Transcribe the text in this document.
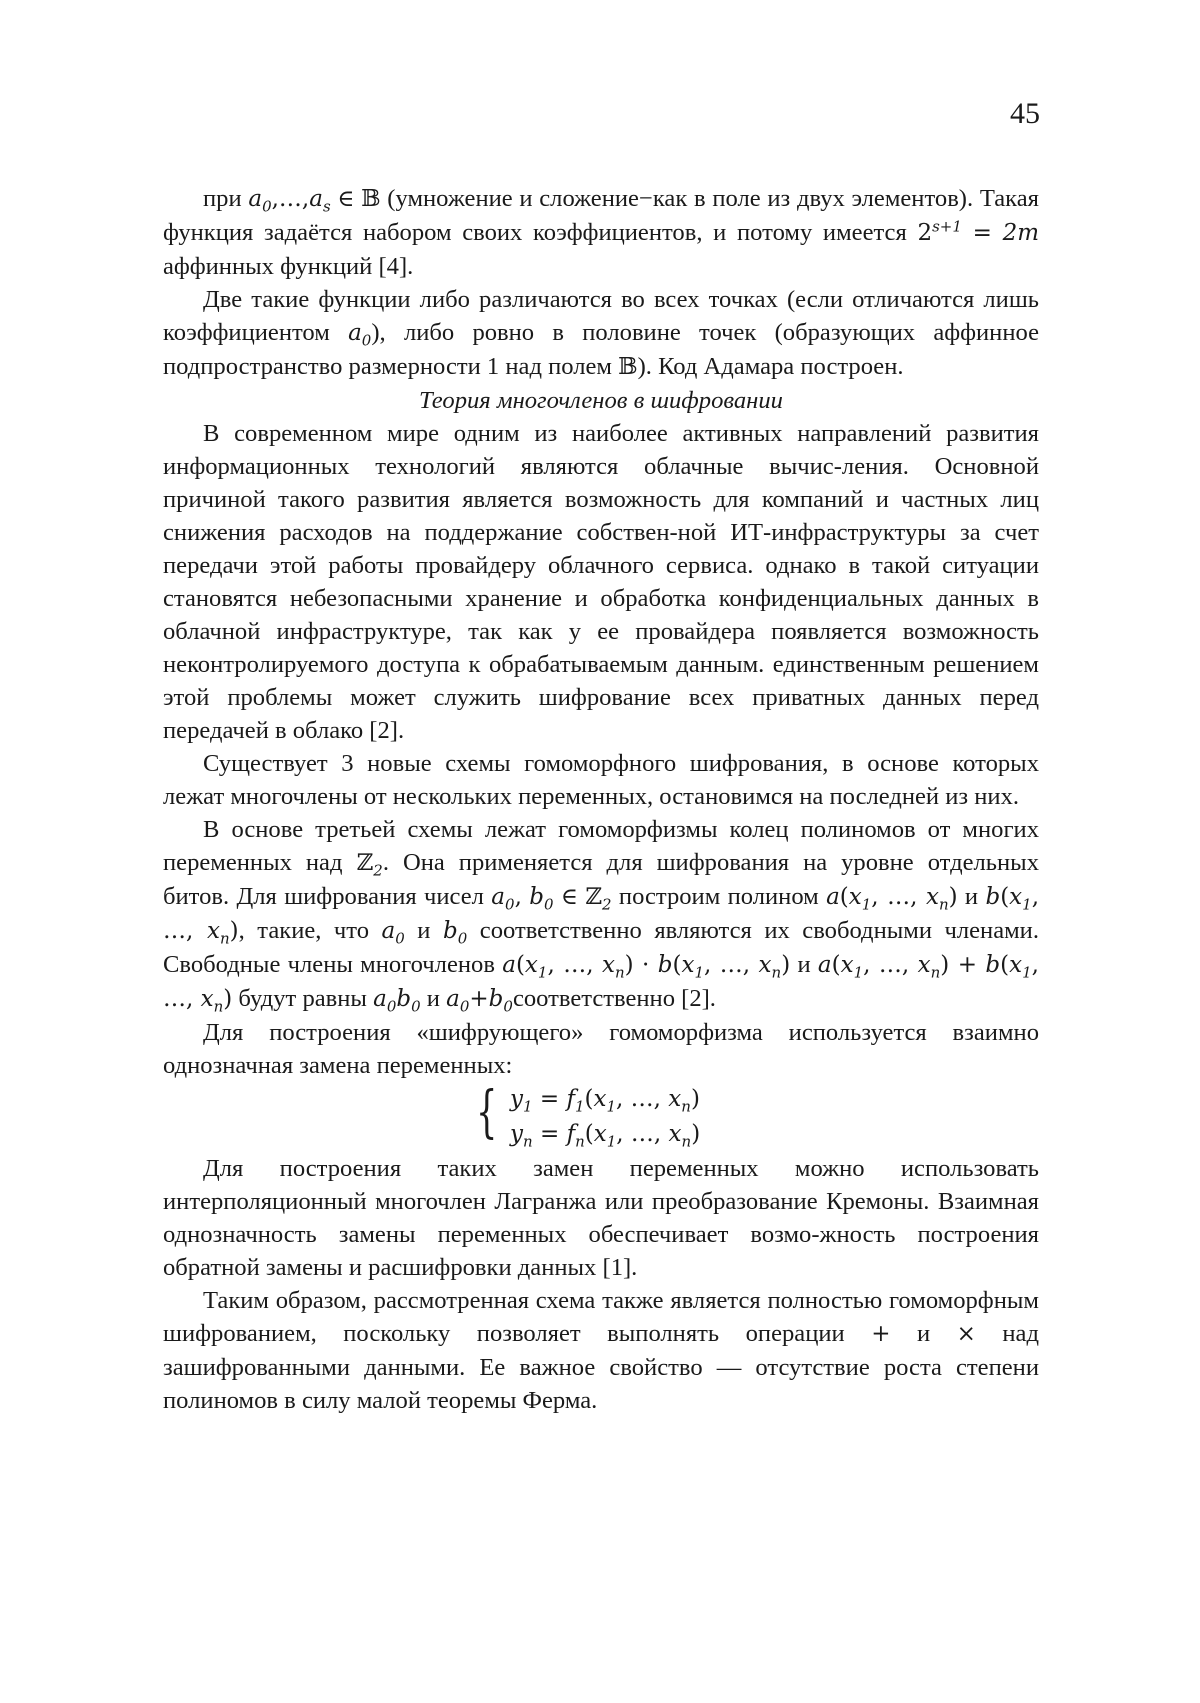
45

при $a_0,\dots,a_s$ ∈ 𝔹 (умножение и сложение−как в поле из двух элементов). Такая функция задаётся набором своих коэффициентов, и потому имеется $2^{s+1} = 2m$ аффинных функций [4].

Две такие функции либо различаются во всех точках (если отличаются лишь коэффициентом $a_0$), либо ровно в половине точек (образующих аффинное подпространство размерности 1 над полем 𝔹). Код Адамара построен.

Теория многочленов в шифровании

В современном мире одним из наиболее активных направлений развития информационных технологий являются облачные вычис-ления. Основной причиной такого развития является возможность для компаний и частных лиц снижения расходов на поддержание собствен-ной ИТ-инфраструктуры за счет передачи этой работы провайдеру облачного сервиса. однако в такой ситуации становятся небезопасными хранение и обработка конфиденциальных данных в облачной инфраструктуре, так как у ее провайдера появляется возможность неконтролируемого доступа к обрабатываемым данным. единственным решением этой проблемы может служить шифрование всех приватных данных перед передачей в облако [2].

Существует 3 новые схемы гомоморфного шифрования, в основе которых лежат многочлены от нескольких переменных, остановимся на последней из них.

В основе третьей схемы лежат гомоморфизмы колец полиномов от многих переменных над ℤ$_2$. Она применяется для шифрования на уровне отдельных битов. Для шифрования чисел $a_0$, $b_0$ ∈ ℤ$_2$ построим полином $a(x_1$, …, $x_n$) и $b(x_1$, …, $x_n$), такие, что $a_0$ и $b_0$ соответственно являются их свободными членами. Свободные члены многочленов $a(x_1$, …, $x_n) \cdot b(x_1$, …, $x_n$) и $a(x_1$, …, $x_n) + b(x_1$, …, $x_n$) будут равны $a_0b_0$ и $a_0+b_0соответственно$ [2].

Для построения «шифрующего» гомоморфизма используется взаимно однозначная замена переменных:

{ $y_1 = f_1(x_1$, …, $x_n$)
$y_n = f_n(x_1$, …, $x_n$)

Для построения таких замен переменных можно использовать интерполяционный многочлен Лагранжа или преобразование Кремоны. Взаимная однозначность замены переменных обеспечивает возмо-жность построения обратной замены и расшифровки данных [1].

Таким образом, рассмотренная схема также является полностью гомоморфным шифрованием, поскольку позволяет выполнять операции + и × над зашифрованными данными. Ее важное свойство — отсутствие роста степени полиномов в силу малой теоремы Ферма.
